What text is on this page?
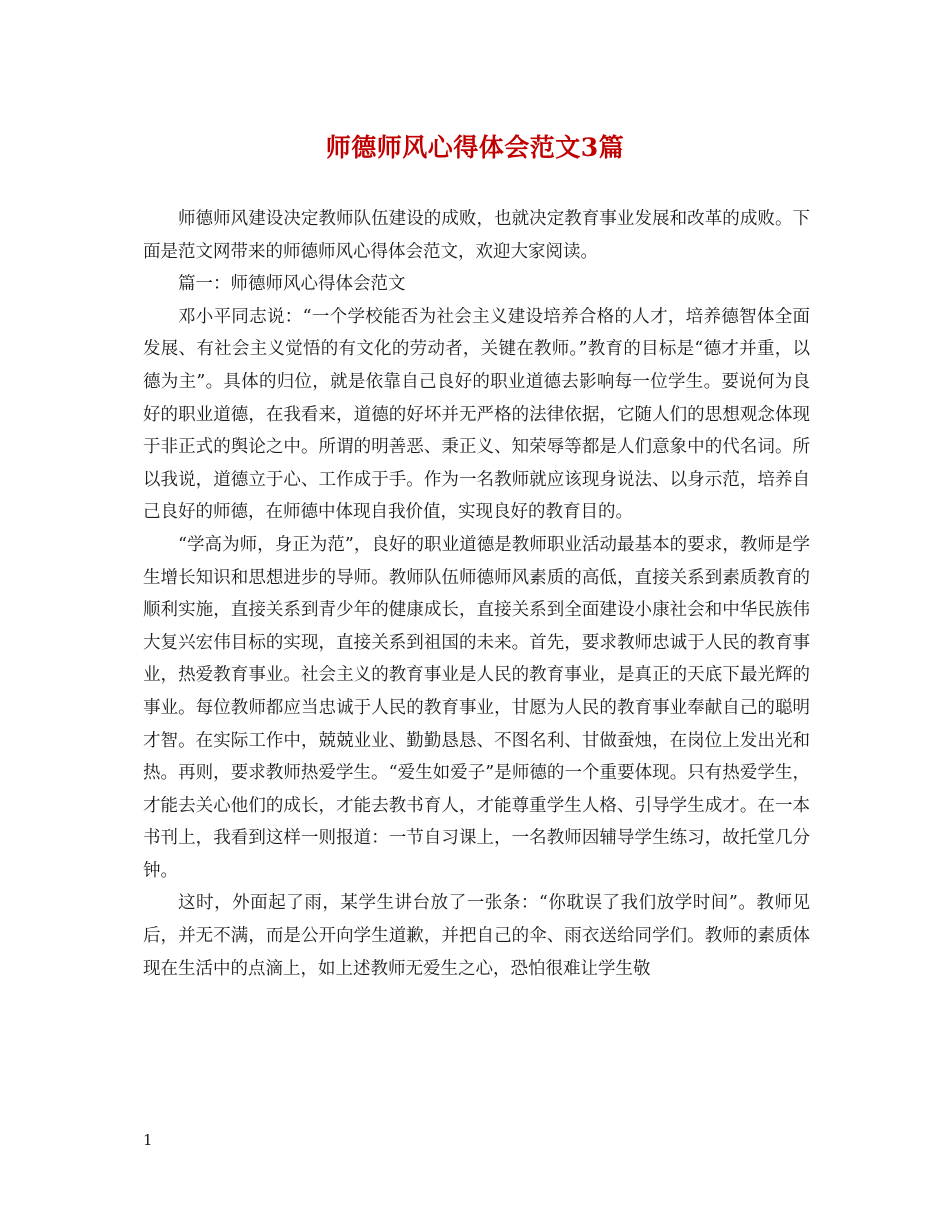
师德师风心得体会范文3篇

师德师风建设决定教师队伍建设的成败，也就决定教育事业发展和改革的成败。下面是范文网带来的师德师风心得体会范文，欢迎大家阅读。

篇一：师德师风心得体会范文

邓小平同志说：“一个学校能否为社会主义建设培养合格的人才，培养德智体全面发展、有社会主义觉悟的有文化的劳动者，关键在教师。”教育的目标是“德才并重，以德为主”。具体的归位，就是依靠自己良好的职业道德去影响每一位学生。要说何为良好的职业道德，在我看来，道德的好坏并无严格的法律依据，它随人们的思想观念体现于非正式的舆论之中。所谓的明善恶、秉正义、知荣辱等都是人们意象中的代名词。所以我说，道德立于心、工作成于手。作为一名教师就应该现身说法、以身示范，培养自己良好的师德，在师德中体现自我价值，实现良好的教育目的。

“学高为师，身正为范”，良好的职业道德是教师职业活动最基本的要求，教师是学生增长知识和思想进步的导师。教师队伍师德师风素质的高低，直接关系到素质教育的顺利实施，直接关系到青少年的健康成长，直接关系到全面建设小康社会和中华民族伟大复兴宏伟目标的实现，直接关系到祖国的未来。首先，要求教师忠诚于人民的教育事业，热爱教育事业。社会主义的教育事业是人民的教育事业，是真正的天底下最光辉的事业。每位教师都应当忠诚于人民的教育事业，甘愿为人民的教育事业奉献自己的聪明才智。在实际工作中，兢兢业业、勤勤恳恳、不图名利、甘做蚕烛，在岗位上发出光和热。再则，要求教师热爱学生。“爱生如爱子”是师德的一个重要体现。只有热爱学生，才能去关心他们的成长，才能去教书育人，才能尊重学生人格、引导学生成才。在一本书刊上，我看到这样一则报道：一节自习课上，一名教师因辅导学生练习，故托堂几分钟。

这时，外面起了雨，某学生讲台放了一张条：“你耽误了我们放学时间”。教师见后，并无不满，而是公开向学生道歉，并把自己的伞、雨衣送给同学们。教师的素质体现在生活中的点滴上，如上述教师无爱生之心，恐怕很难让学生敬

1
